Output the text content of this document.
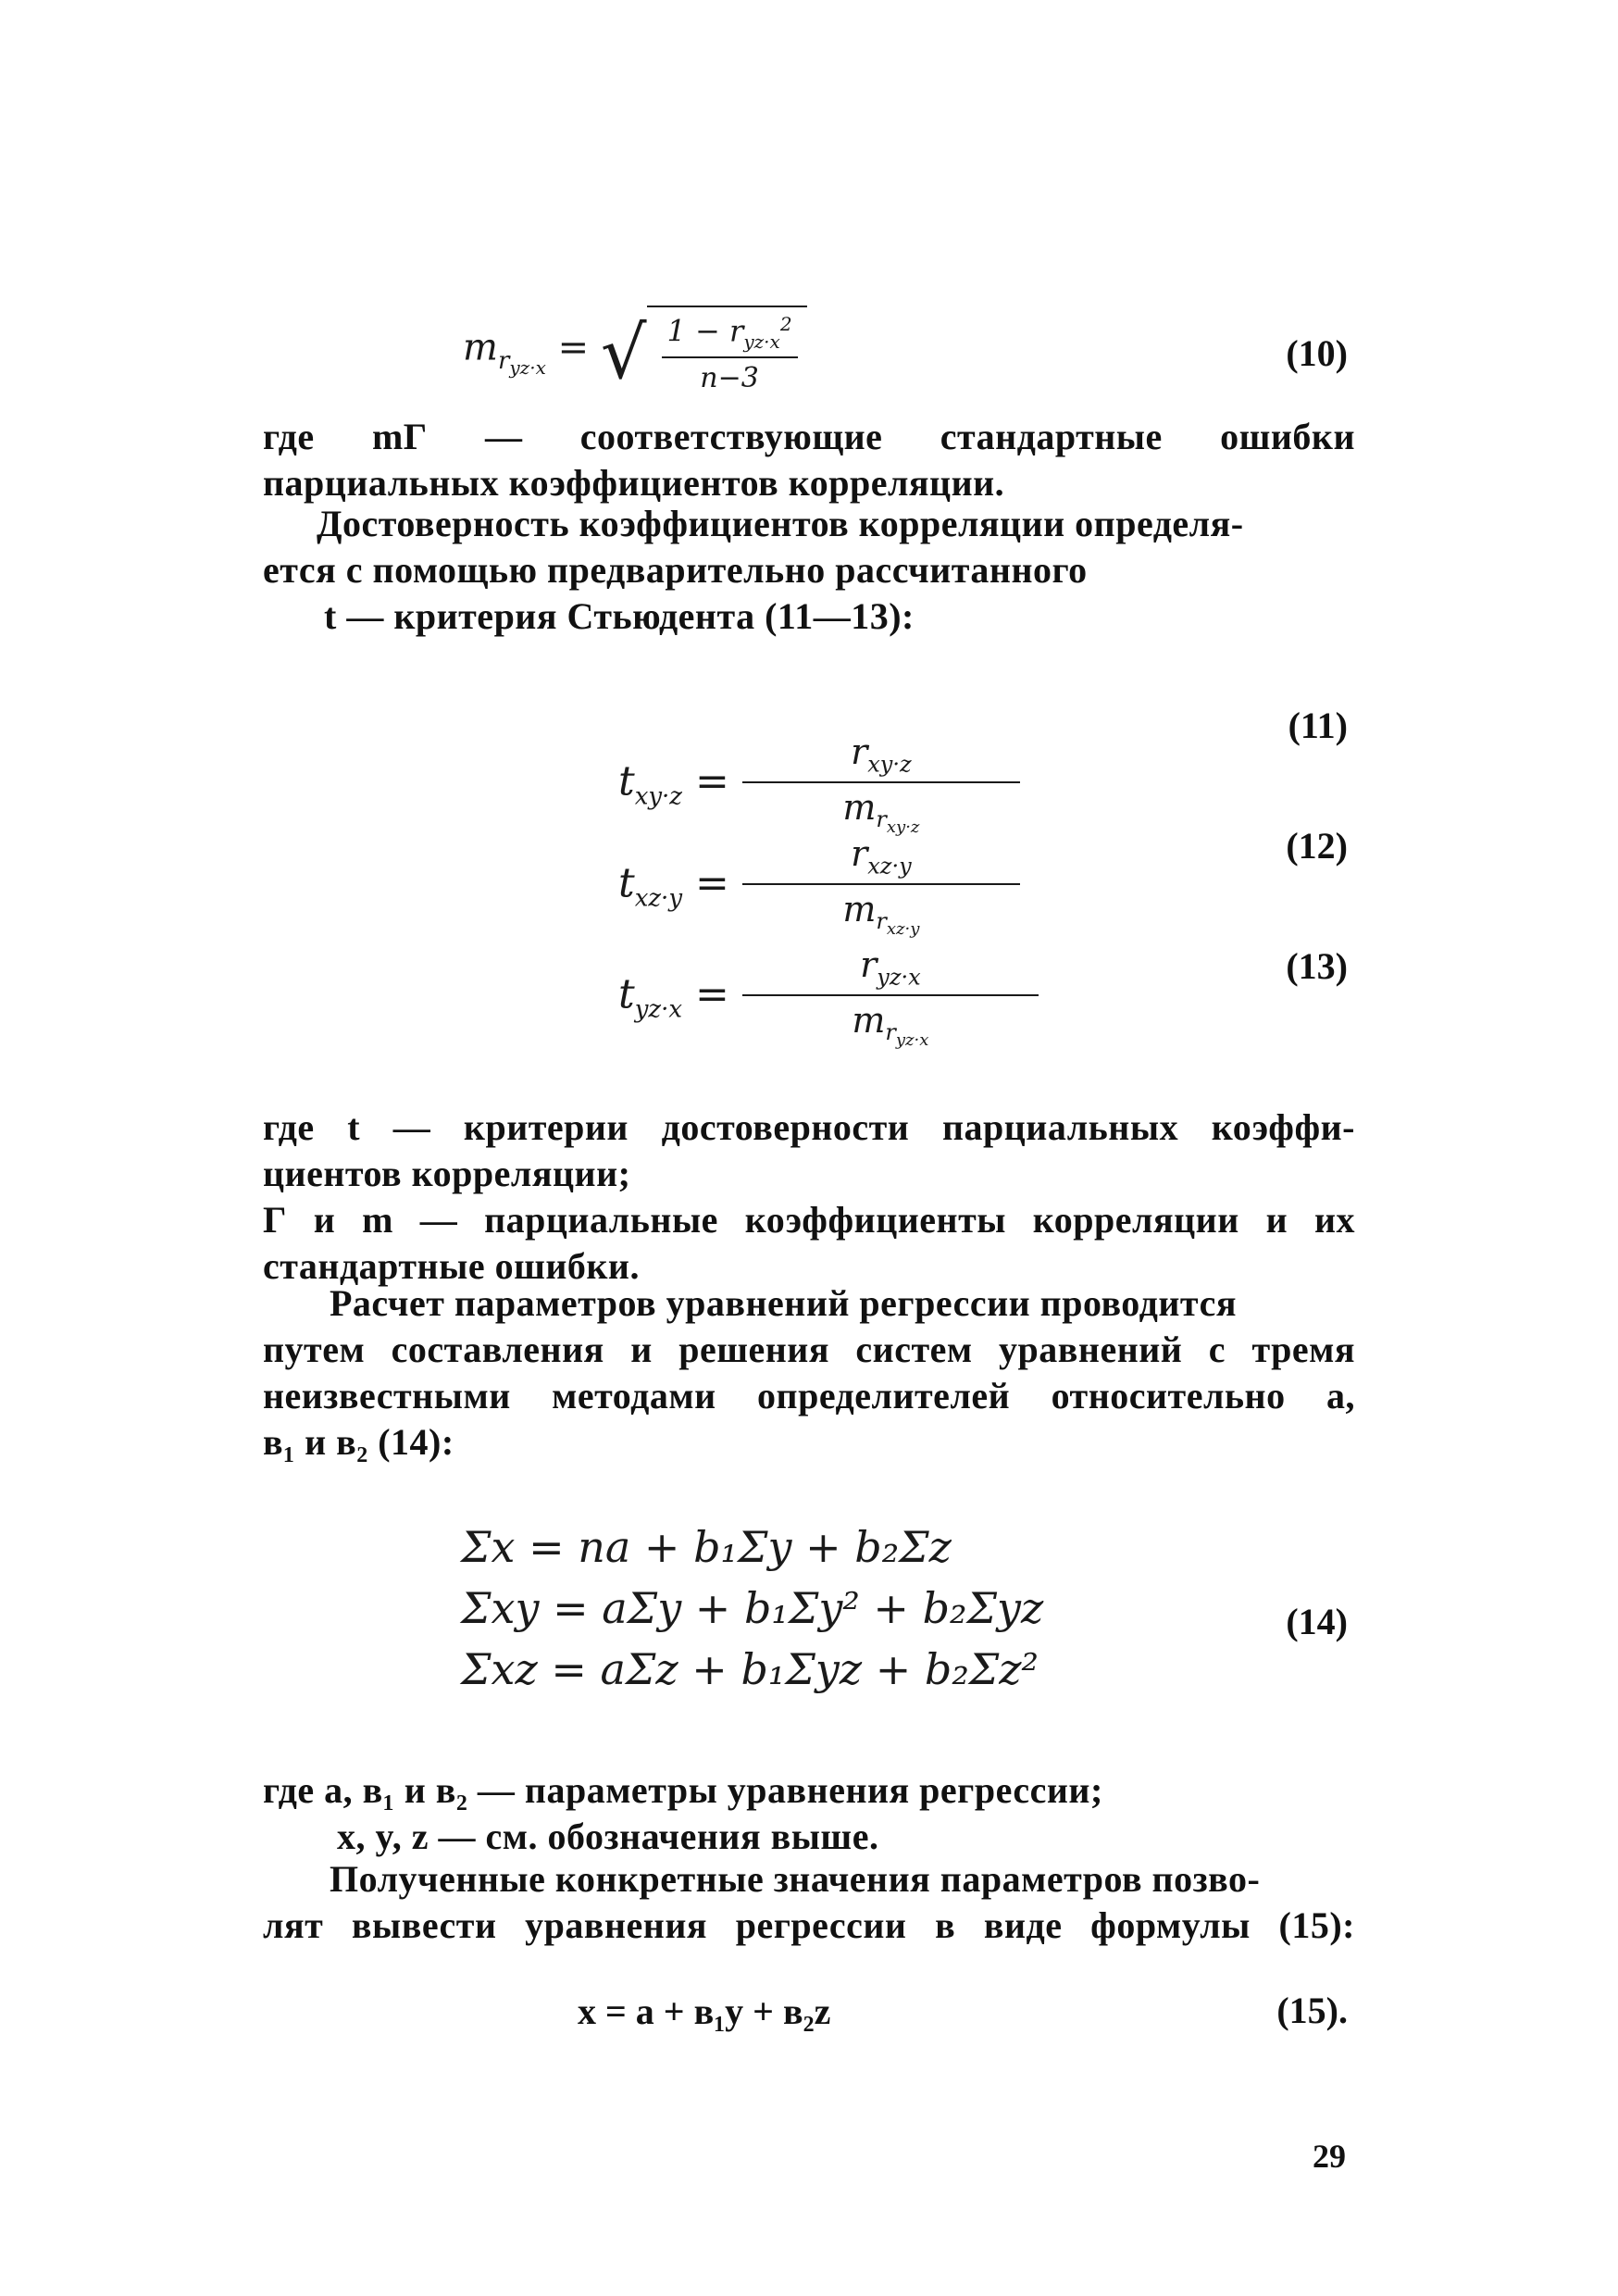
$m_{r_{yz\cdot x}}$ = √ $\frac{1 - r_{yz\cdot x}^2}{n-3}$	(10)
где mГ — соответствующие стандартные ошибки
парциальных коэффициентов корреляции.
Достоверность коэффициентов корреляции определя-
ется с помощью предварительно рассчитанного
t — критерия Стьюдента (11—13):
$t_{xy\cdot z} = \frac{r_{xy\cdot z}}{m_{r_{xy\cdot z}}}$
(11)
$t_{xz\cdot y} = \frac{r_{xz\cdot y}}{m_{r_{xz\cdot y}}}$	(12)
$t_{yz\cdot x} = \frac{r_{yz\cdot x}}{m_{r_{yz\cdot x}}}$	(13)
где t — критерии достоверности парциальных коэффи-
циентов корреляции;
Г и m — парциальные коэффициенты корреляции и их
стандартные ошибки.
Расчет параметров уравнений регрессии проводится
путем составления и решения систем уравнений с тремя
неизвестными методами определителей относительно а,
в₁ и в₂ (14):
Σx = na + b₁Σy + b₂Σz
Σxy = aΣy + b₁Σy² + b₂Σyz
Σxz = aΣz + b₁Σyz + b₂Σz²
(14)
где а, в₁ и в₂ — параметры уравнения регрессии;
x, y, z — см. обозначения выше.
Полученные конкретные значения параметров позво-
лят вывести уравнения регрессии в виде формулы (15):
x = a + в₁y + в₂z	(15).
29
